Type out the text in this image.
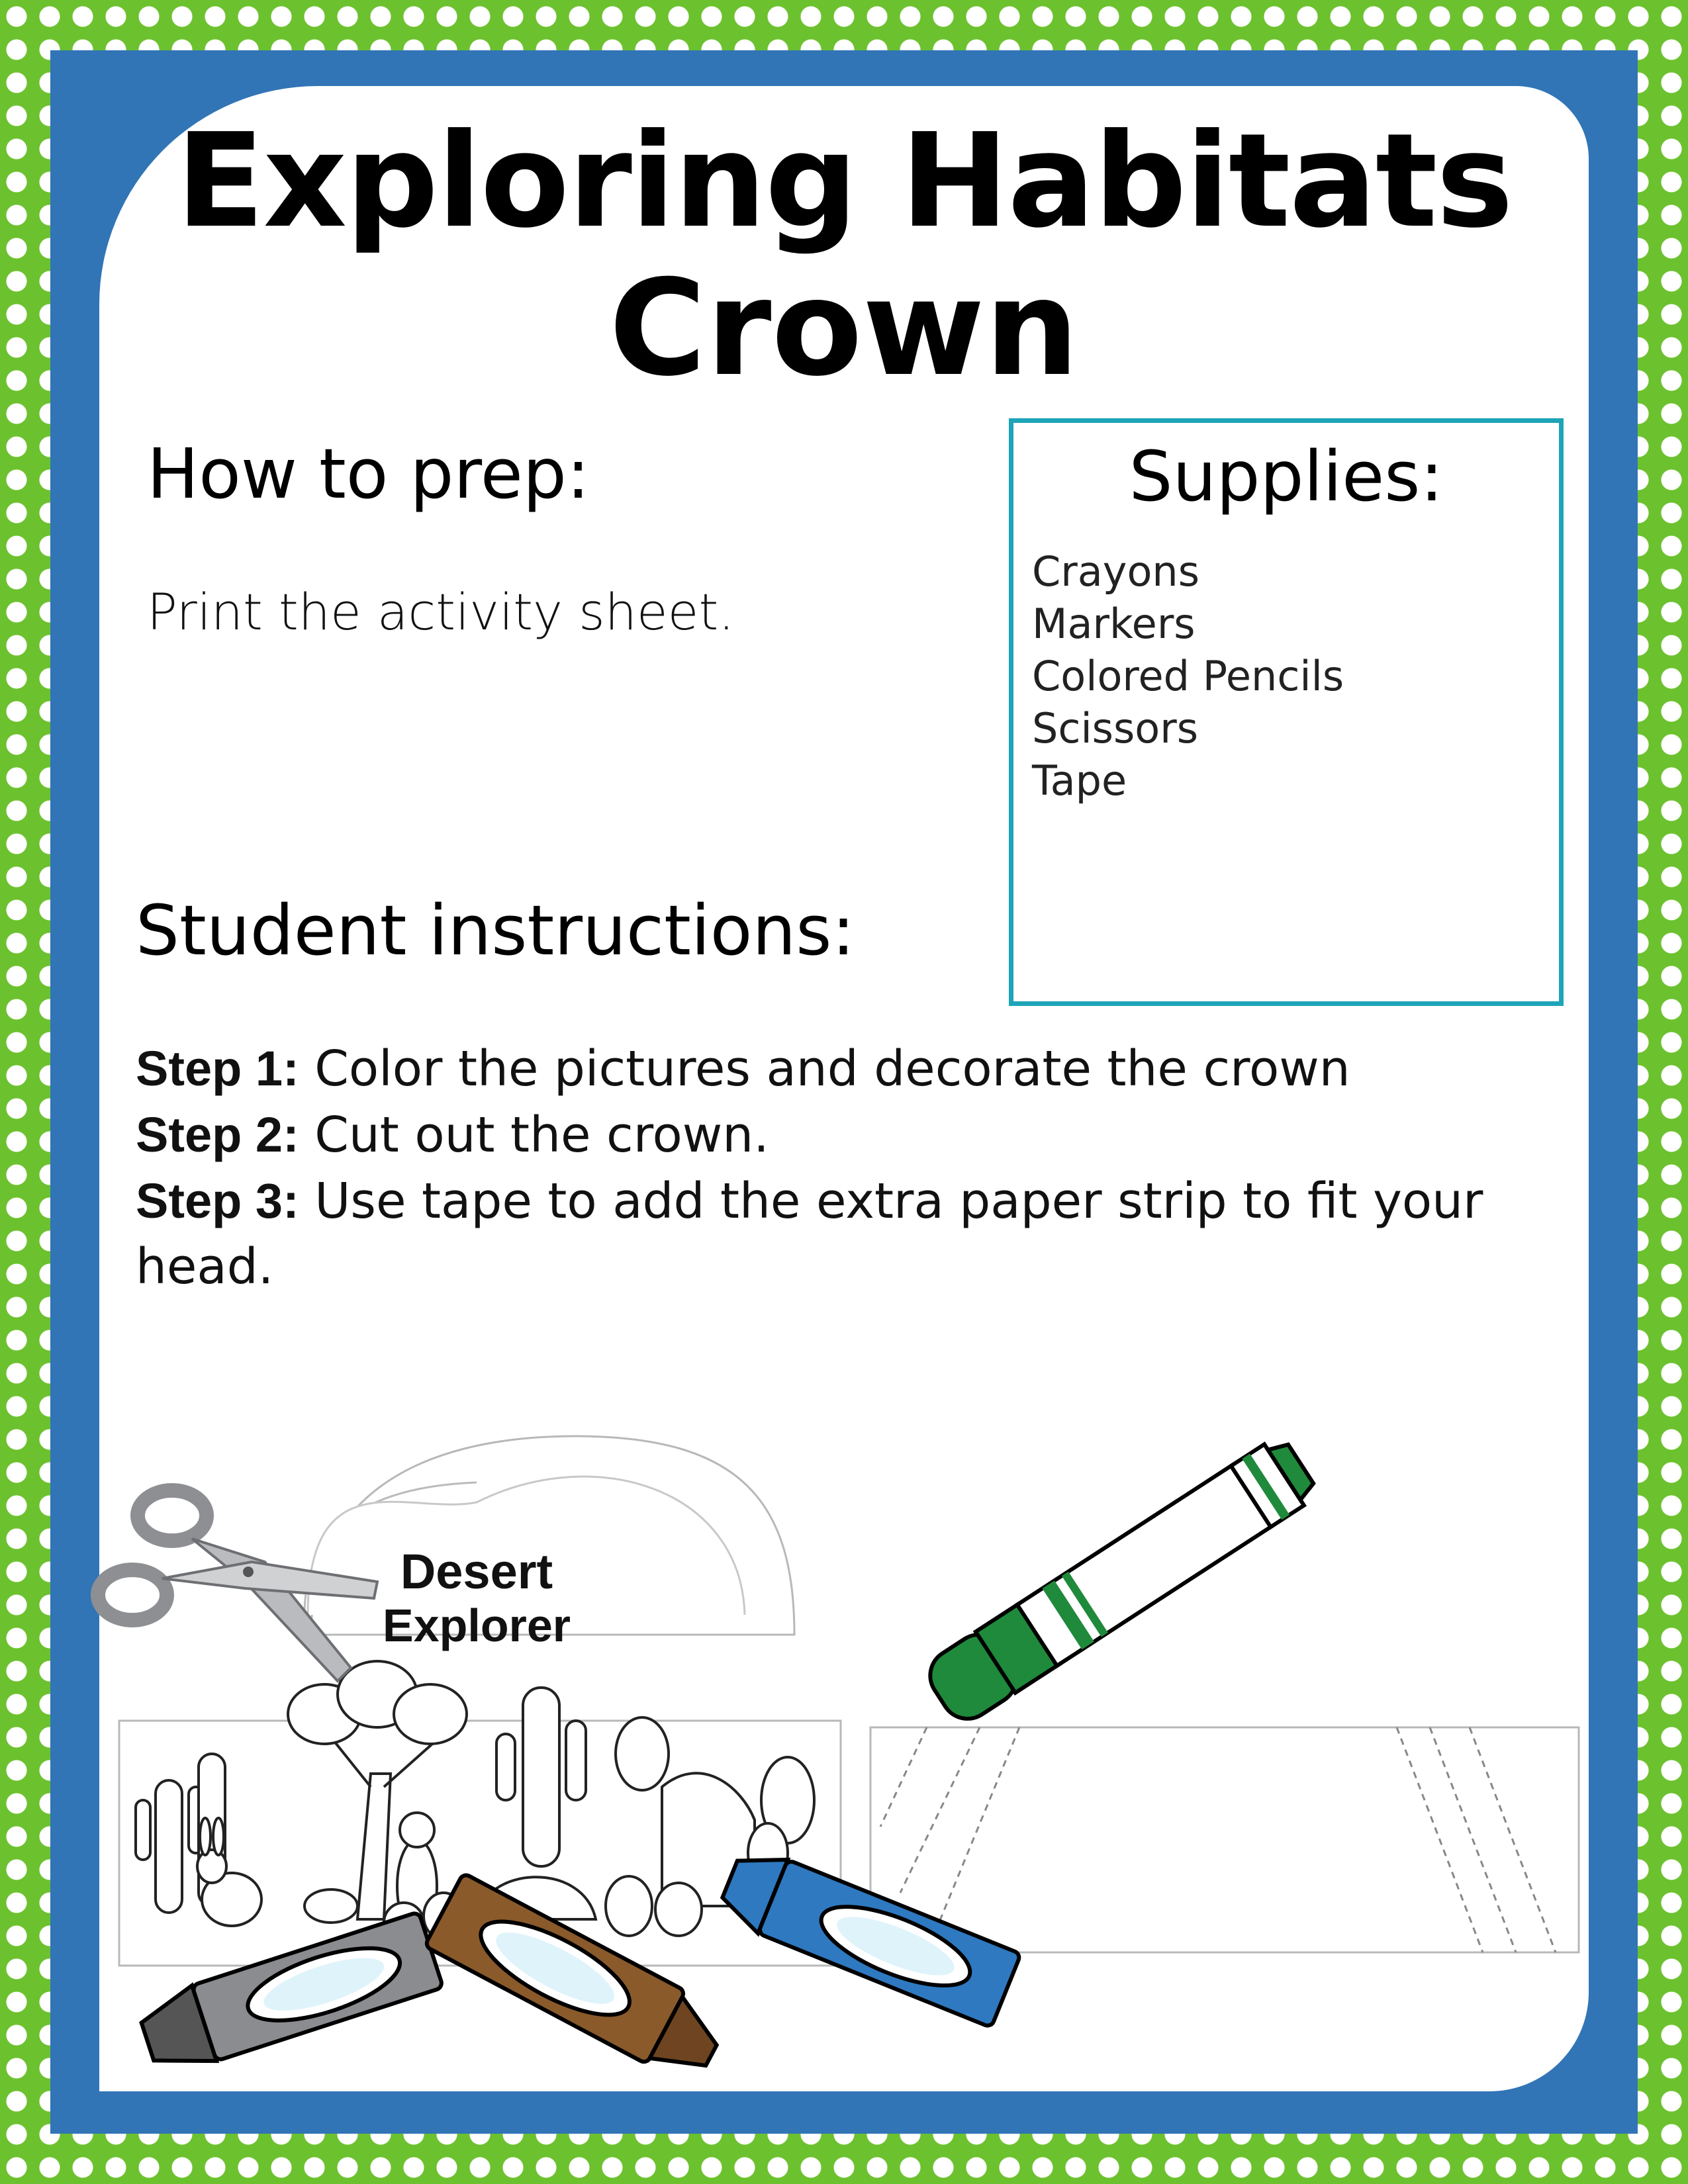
Exploring Habitats
Crown
How to prep:
Print the activity sheet.
Supplies:
Crayons
Markers
Colored Pencils
Scissors
Tape
Student instructions:
Step 1: Color the pictures and decorate the crown
Step 2: Cut out the crown.
Step 3: Use tape to add the extra paper strip to fit your head.
Desert
Explorer
